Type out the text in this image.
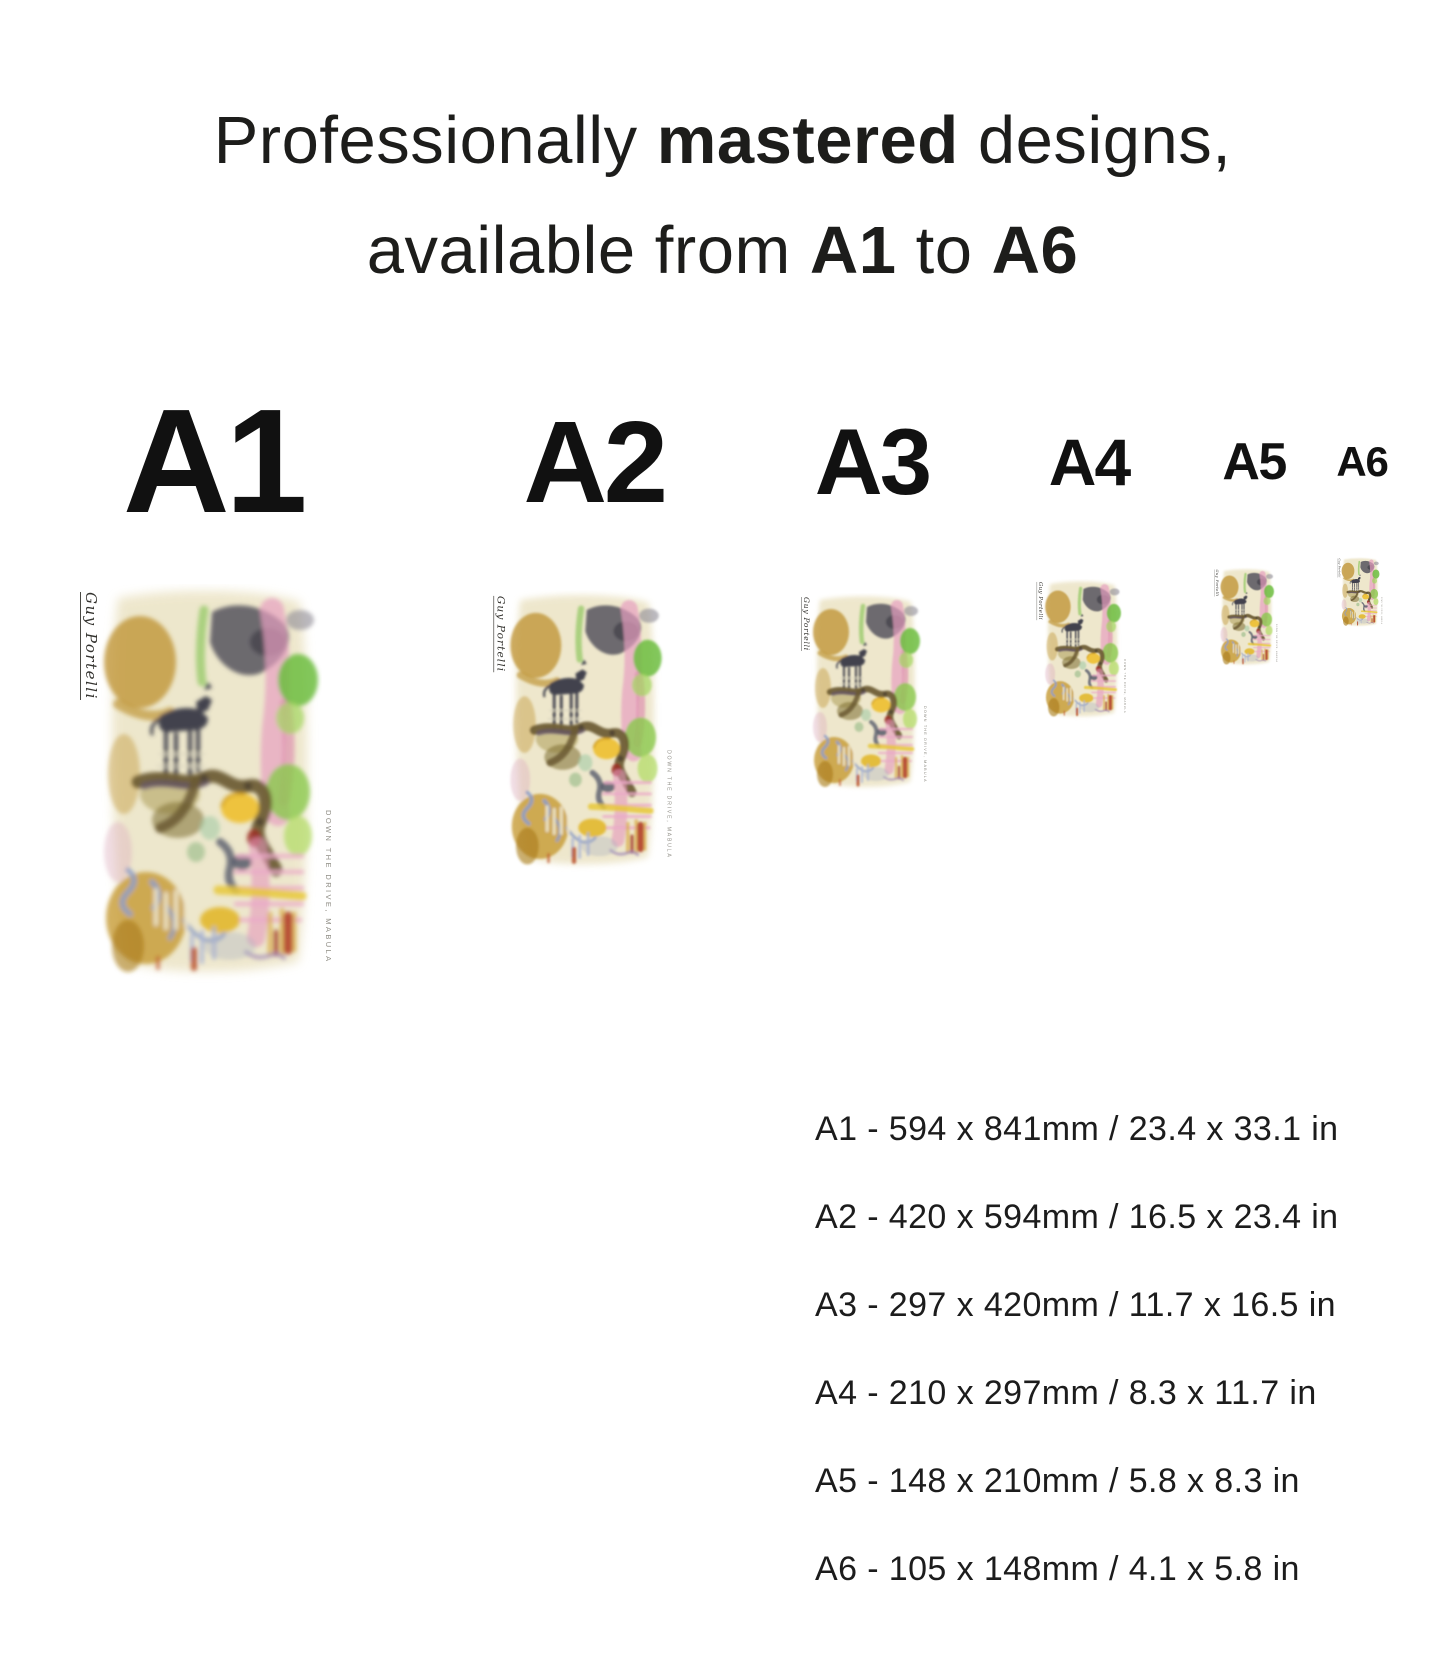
Professionally mastered designs,
available from A1 to A6
A1 A2 A3 A4 A5 A6
Guy Portelli
DOWN THE DRIVE, MABULA
Guy Portelli
DOWN THE DRIVE, MABULA
Guy Portelli
DOWN THE DRIVE, MABULA
Guy Portelli
DOWN THE DRIVE, MABULA
Guy Portelli
DOWN THE DRIVE, MABULA
Guy Portelli
DOWN THE DRIVE, MABULA
A1 - 594 x 841mm / 23.4 x 33.1 in
A2 - 420 x 594mm / 16.5 x 23.4 in
A3 - 297 x 420mm / 11.7 x 16.5 in
A4 - 210 x 297mm / 8.3 x 11.7 in
A5 - 148 x 210mm / 5.8 x 8.3 in
A6 - 105 x 148mm / 4.1 x 5.8 in
